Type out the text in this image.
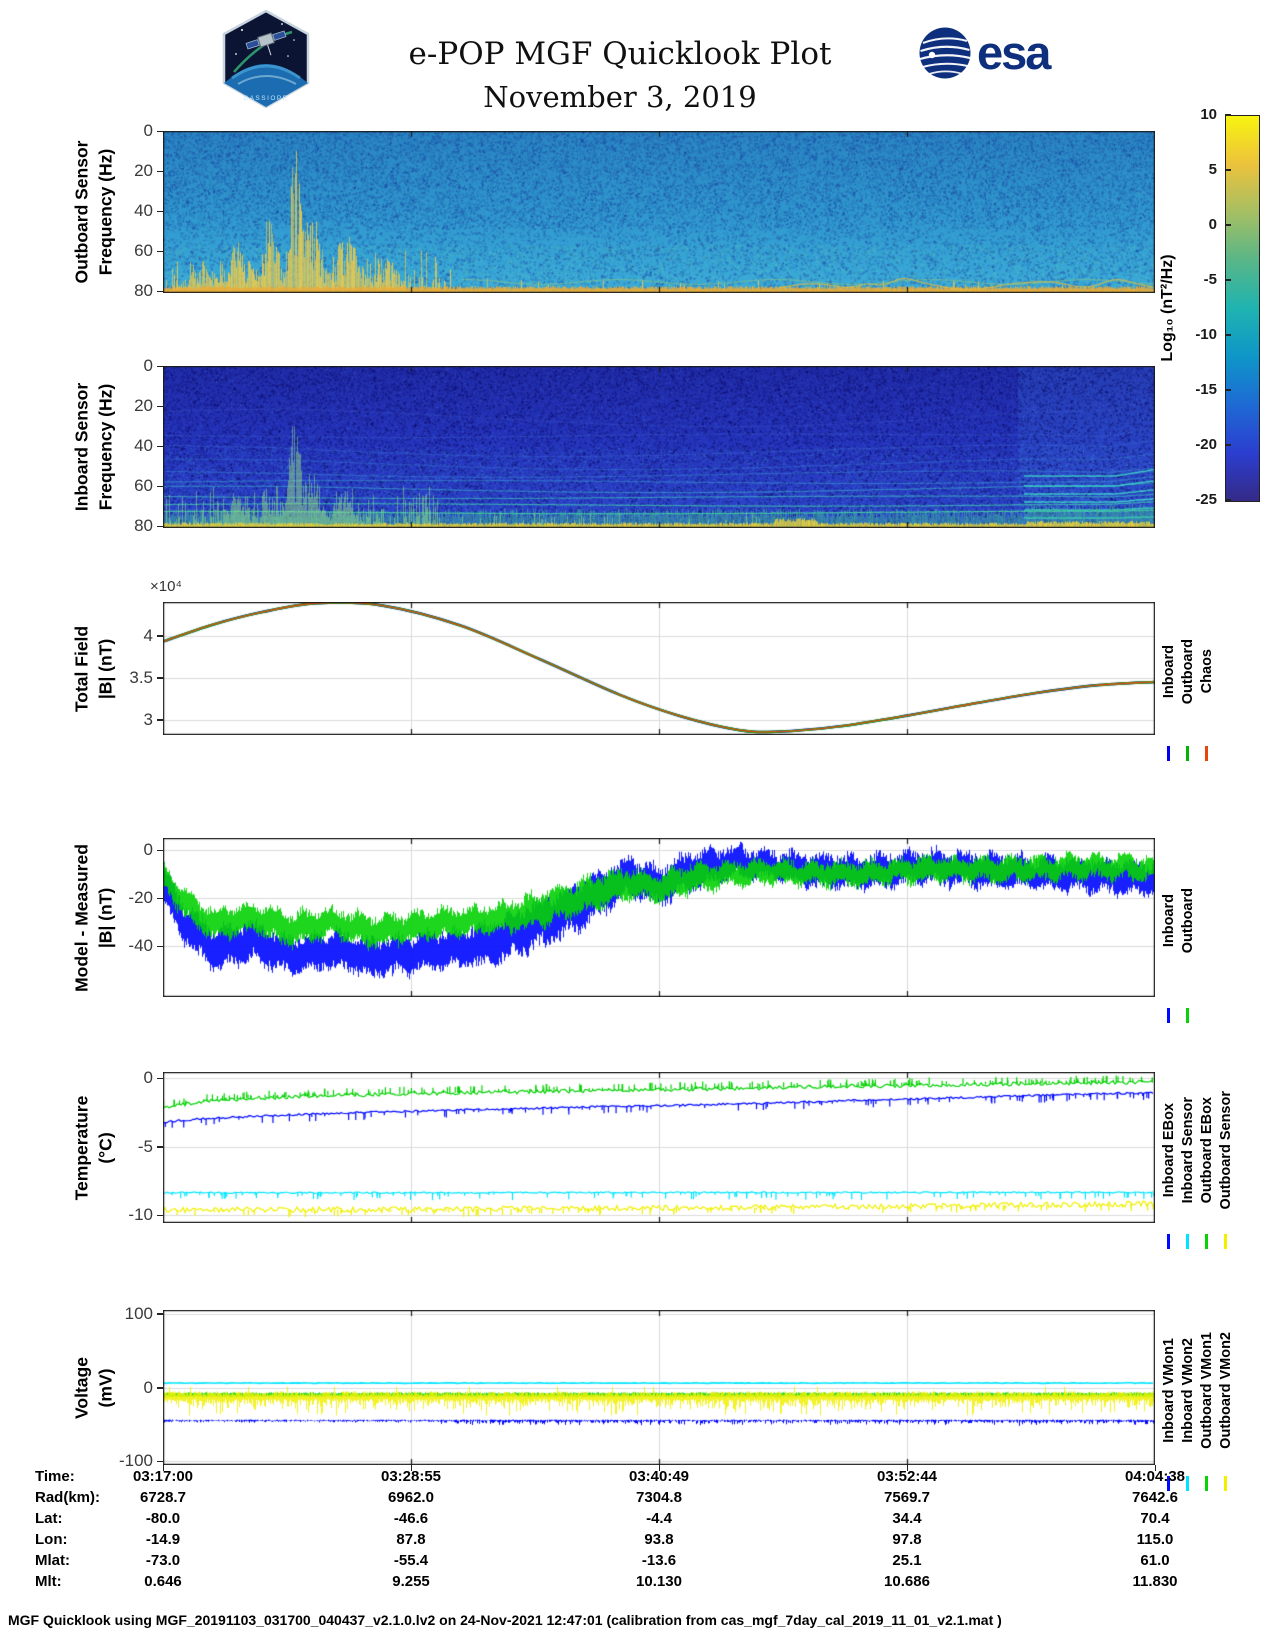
CASSIOPE
e-POP MGF Quicklook Plot
November 3, 2019
esa
Outboard Sensor Frequency (Hz)
80
60
40
20
0
Inboard Sensor Frequency (Hz)
80
60
40
20
0
Total Field |B| (nT)
4
3.5
3
×10⁴
Inboard Outboard Chaos
Model - Measured |B| (nT)
0
-20
-40	Inboard Outboard
Temperature (°C)
0
-5
-10
Inboard EBox Inboard Sensor Outboard EBox Outboard Sensor
Voltage (mV)
100
0
-100
Inboard VMon1 Inboard VMon2 Outboard VMon1 Outboard VMon2
10
5
0
-5
-10
-15
-20
-25
Log₁₀ (nT²/Hz)
Time:	03:17:00	03:28:55	03:40:49	03:52:44	04:04:38
Rad(km):	6728.7	6962.0	7304.8	7569.7	7642.6
Lat:	-80.0	-46.6	-4.4	34.4	70.4
Lon:	-14.9	87.8	93.8	97.8	115.0
Mlat:	-73.0	-55.4	-13.6	25.1	61.0
Mlt:	0.646	9.255	10.130	10.686	11.830
MGF Quicklook using MGF_20191103_031700_040437_v2.1.0.lv2 on 24-Nov-2021 12:47:01 (calibration from cas_mgf_7day_cal_2019_11_01_v2.1.mat )
